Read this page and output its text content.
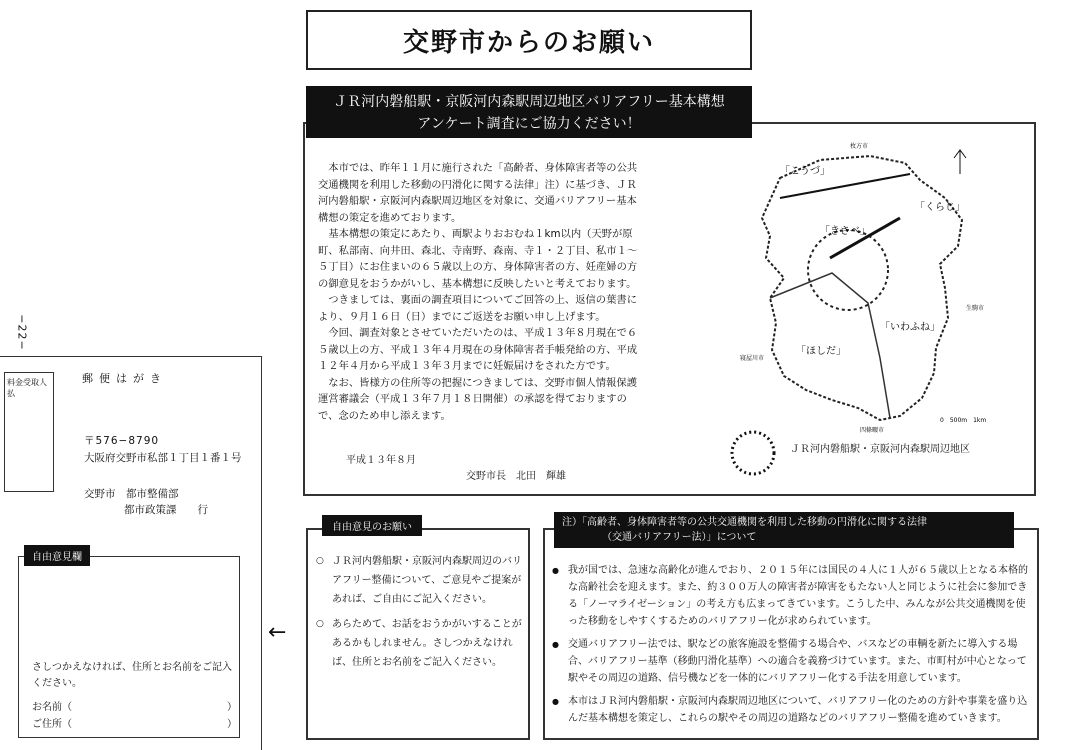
交野市からのお願い
ＪＲ河内磐船駅・京阪河内森駅周辺地区バリアフリー基本構想
アンケート調査にご協力ください！

本市では、昨年１１月に施行された「高齢者、身体障害者等の公共交通機関を利用した移動の円滑化に関する法律」注）に基づき、ＪＲ河内磐船駅・京阪河内森駅周辺地区を対象に、交通バリアフリー基本構想の策定を進めております。

基本構想の策定にあたり、両駅よりおおむね１km以内（天野が原町、私部南、向井田、森北、寺南野、森南、寺１・２丁目、私市１〜５丁目）にお住まいの６５歳以上の方、身体障害者の方、妊産婦の方の御意見をおうかがいし、基本構想に反映したいと考えております。

つきましては、裏面の調査項目についてご回答の上、返信の葉書により、９月１６日（日）までにご返送をお願い申し上げます。

今回、調査対象とさせていただいたのは、平成１３年８月現在で６５歳以上の方、平成１３年４月現在の身体障害者手帳発給の方、平成１２年４月から平成１３年３月までに妊娠届けをされた方です。

なお、皆様方の住所等の把握につきましては、交野市個人情報保護運営審議会（平成１３年７月１８日開催）の承認を得ておりますので、念のため申し添えます。

平成１３年８月
交野市長　北田　輝雄
「こうづ」
「くらじ」
「きさべ」
「いわふね」
「ほしだ」
枚方市
寝屋川市
生駒市
四條畷市
0　500m　1km
ＪＲ河内磐船駅・京阪河内森駅周辺地区
−22−
料金受取人払
郵便はがき
〒576−8790
大阪府交野市私部１丁目１番１号
交野市　都市整備部
都市政策課　　行
自由意見欄
さしつかえなければ、住所とお名前をご記入ください。
お名前（
ご住所（
）
）
←
自由意見のお願い
○ ＪＲ河内磐船駅・京阪河内森駅周辺のバリアフリー整備について、ご意見やご提案があれば、ご自由にご記入ください。
○ あらためて、お話をおうかがいすることがあるかもしれません。さしつかえなければ、住所とお名前をご記入ください。
注）「高齢者、身体障害者等の公共交通機関を利用した移動の円滑化に関する法律
（交通バリアフリー法）」について
● 我が国では、急速な高齢化が進んでおり、２０１５年には国民の４人に１人が６５歳以上となる本格的な高齢社会を迎えます。また、約３００万人の障害者が障害をもたない人と同じように社会に参加できる「ノーマライゼーション」の考え方も広まってきています。こうした中、みんなが公共交通機関を使った移動をしやすくするためのバリアフリー化が求められています。
● 交通バリアフリー法では、駅などの旅客施設を整備する場合や、バスなどの車輌を新たに導入する場合、バリアフリー基準（移動円滑化基準）への適合を義務づけています。また、市町村が中心となって駅やその周辺の道路、信号機などを一体的にバリアフリー化する手法を用意しています。
● 本市はＪＲ河内磐船駅・京阪河内森駅周辺地区について、バリアフリー化のための方針や事業を盛り込んだ基本構想を策定し、これらの駅やその周辺の道路などのバリアフリー整備を進めていきます。
